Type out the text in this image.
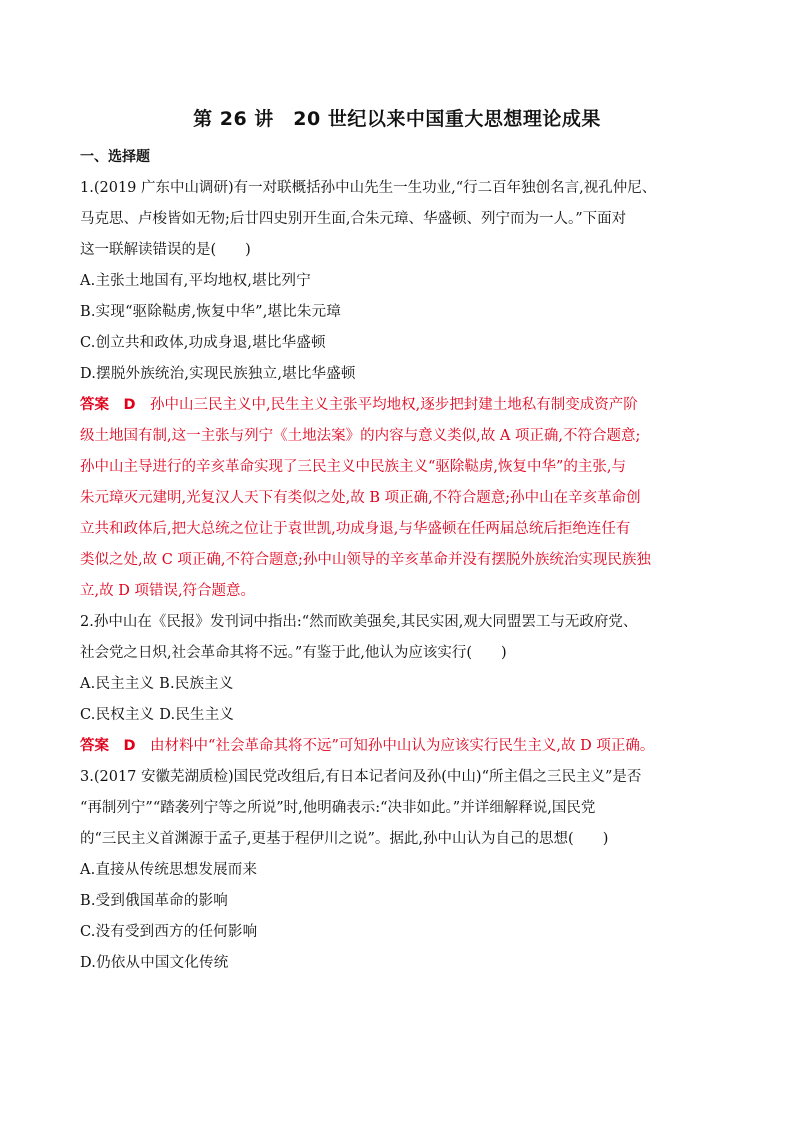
第 26 讲　20 世纪以来中国重大思想理论成果
一、选择题
1.(2019 广东中山调研)有一对联概括孙中山先生一生功业,“行二百年独创名言,视孔仲尼、
马克思、卢梭皆如无物;后廿四史别开生面,合朱元璋、华盛顿、列宁而为一人。”下面对
这一联解读错误的是(　　)
A.主张土地国有,平均地权,堪比列宁
B.实现“驱除鞑虏,恢复中华”,堪比朱元璋
C.创立共和政体,功成身退,堪比华盛顿
D.摆脱外族统治,实现民族独立,堪比华盛顿
答案　D　孙中山三民主义中,民生主义主张平均地权,逐步把封建土地私有制变成资产阶
级土地国有制,这一主张与列宁《土地法案》的内容与意义类似,故 A 项正确,不符合题意;
孙中山主导进行的辛亥革命实现了三民主义中民族主义“驱除鞑虏,恢复中华”的主张,与
朱元璋灭元建明,光复汉人天下有类似之处,故 B 项正确,不符合题意;孙中山在辛亥革命创
立共和政体后,把大总统之位让于袁世凯,功成身退,与华盛顿在任两届总统后拒绝连任有
类似之处,故 C 项正确,不符合题意;孙中山领导的辛亥革命并没有摆脱外族统治实现民族独
立,故 D 项错误,符合题意。
2.孙中山在《民报》发刊词中指出:“然而欧美强矣,其民实困,观大同盟罢工与无政府党、
社会党之日炽,社会革命其将不远。”有鉴于此,他认为应该实行(　　)
A.民主主义 B.民族主义
C.民权主义 D.民生主义
答案　D　由材料中“社会革命其将不远”可知孙中山认为应该实行民生主义,故 D 项正确。
3.(2017 安徽芜湖质检)国民党改组后,有日本记者问及孙(中山)“所主倡之三民主义”是否
“再制列宁”“踏袭列宁等之所说”时,他明确表示:“决非如此。”并详细解释说,国民党
的“三民主义首渊源于孟子,更基于程伊川之说”。据此,孙中山认为自己的思想(　　)
A.直接从传统思想发展而来
B.受到俄国革命的影响
C.没有受到西方的任何影响
D.仍依从中国文化传统
